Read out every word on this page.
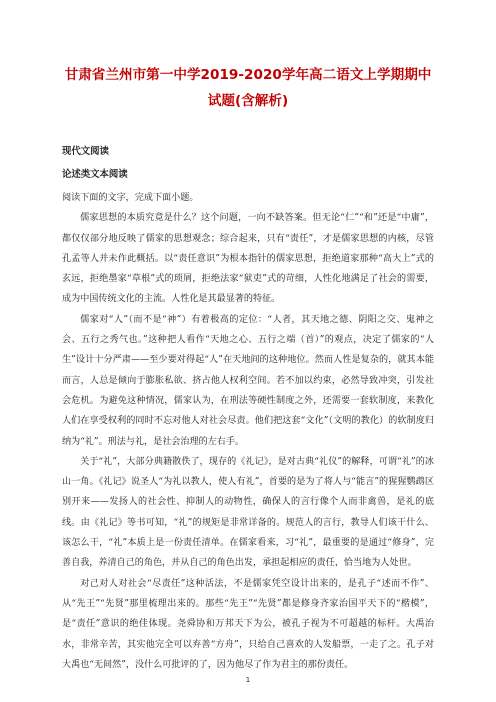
甘肃省兰州市第一中学2019-2020学年高二语文上学期期中试题(含解析)
现代文阅读
论述类文本阅读

阅读下面的文字，完成下面小题。

儒家思想的本质究竟是什么？这个问题，一向不缺答案。但无论“仁”“和”还是“中庸”，都仅仅部分地反映了儒家的思想观念；综合起来，只有“责任”，才是儒家思想的内核，尽管孔孟等人并未作此概括。以“责任意识”为根本指针的儒家思想，拒绝道家那种“高大上”式的玄远，拒绝墨家“草根”式的琐屑，拒绝法家“狱吏”式的苛细，人性化地满足了社会的需要，成为中国传统文化的主流。人性化是其最显著的特征。

儒家对“人”（而不是“神”）有着极高的定位：“人者，其天地之德、阴阳之交、鬼神之会、五行之秀气也。”这种把人看作“天地之心、五行之端（首）”的观点，决定了儒家的“人生”设计十分严肃——至少要对得起“人”在天地间的这种地位。然而人性是复杂的，就其本能而言，人总是倾向于膨胀私欲、挤占他人权利空间。若不加以约束，必然导致冲突，引发社会危机。为避免这种情况，儒家认为，在刑法等硬性制度之外，还需要一套软制度，来教化人们在享受权利的同时不忘对他人对社会尽责。他们把这套“文化”（文明的教化）的软制度归纳为“礼”。刑法与礼，是社会治理的左右手。

关于“礼”，大部分典籍散佚了，现存的《礼记》，是对古典“礼仪”的解释，可谓“礼”的冰山一角。《礼记》说圣人“为礼以教人，使人有礼”，首要的是为了将人与“能言”的猩猩鹦鹉区别开来——发扬人的社会性、抑制人的动物性，确保人的言行像个人而非禽兽，是礼的底线。由《礼记》等书可知，“礼”的规矩是非常详备的。规范人的言行，教导人们该干什么、该怎么干，“礼”本质上是一份责任清单。在儒家看来，习“礼”，最重要的是通过“修身”，完善自我，养清自己的角色，并从自己的角色出发，承担起相应的责任，恰当地为人处世。

对己对人对社会“尽责任”这种活法，不是儒家凭空设计出来的，是孔子“述而不作”、从“先王”“先贤”那里梳理出来的。那些“先王”“先贤”都是修身齐家治国平天下的“楷模”，是“责任”意识的绝佳体现。尧舜协和万邦天下为公，被孔子视为不可超越的标杆。大禹治水，非常辛苦，其实他完全可以弃善“方舟”，只给自己喜欢的人发船票，一走了之。孔子对大禹也“无间然”，没什么可批评的了，因为他尽了作为君主的那份责任。

1
